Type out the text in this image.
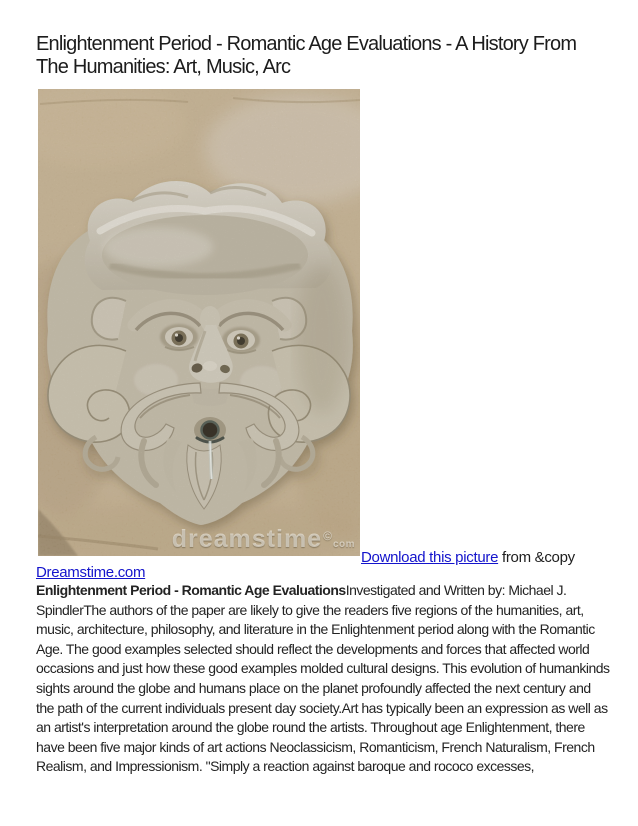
Enlightenment Period - Romantic Age Evaluations - A History From The Humanities: Art, Music, Arc
dreamstime©com
Download this picture from &copy
Dreamstime.com

Enlightenment Period - Romantic Age EvaluationsInvestigated and Written by: Michael J. SpindlerThe authors of the paper are likely to give the readers five regions of the humanities, art, music, architecture, philosophy, and literature in the Enlightenment period along with the Romantic Age. The good examples selected should reflect the developments and forces that affected world occasions and just how these good examples molded cultural designs. This evolution of humankinds sights around the globe and humans place on the planet profoundly affected the next century and the path of the current individuals present day society.Art has typically been an expression as well as an artist's interpretation around the globe round the artists. Throughout age Enlightenment, there have been five major kinds of art actions Neoclassicism, Romanticism, French Naturalism, French Realism, and Impressionism. "Simply a reaction against baroque and rococo excesses,
